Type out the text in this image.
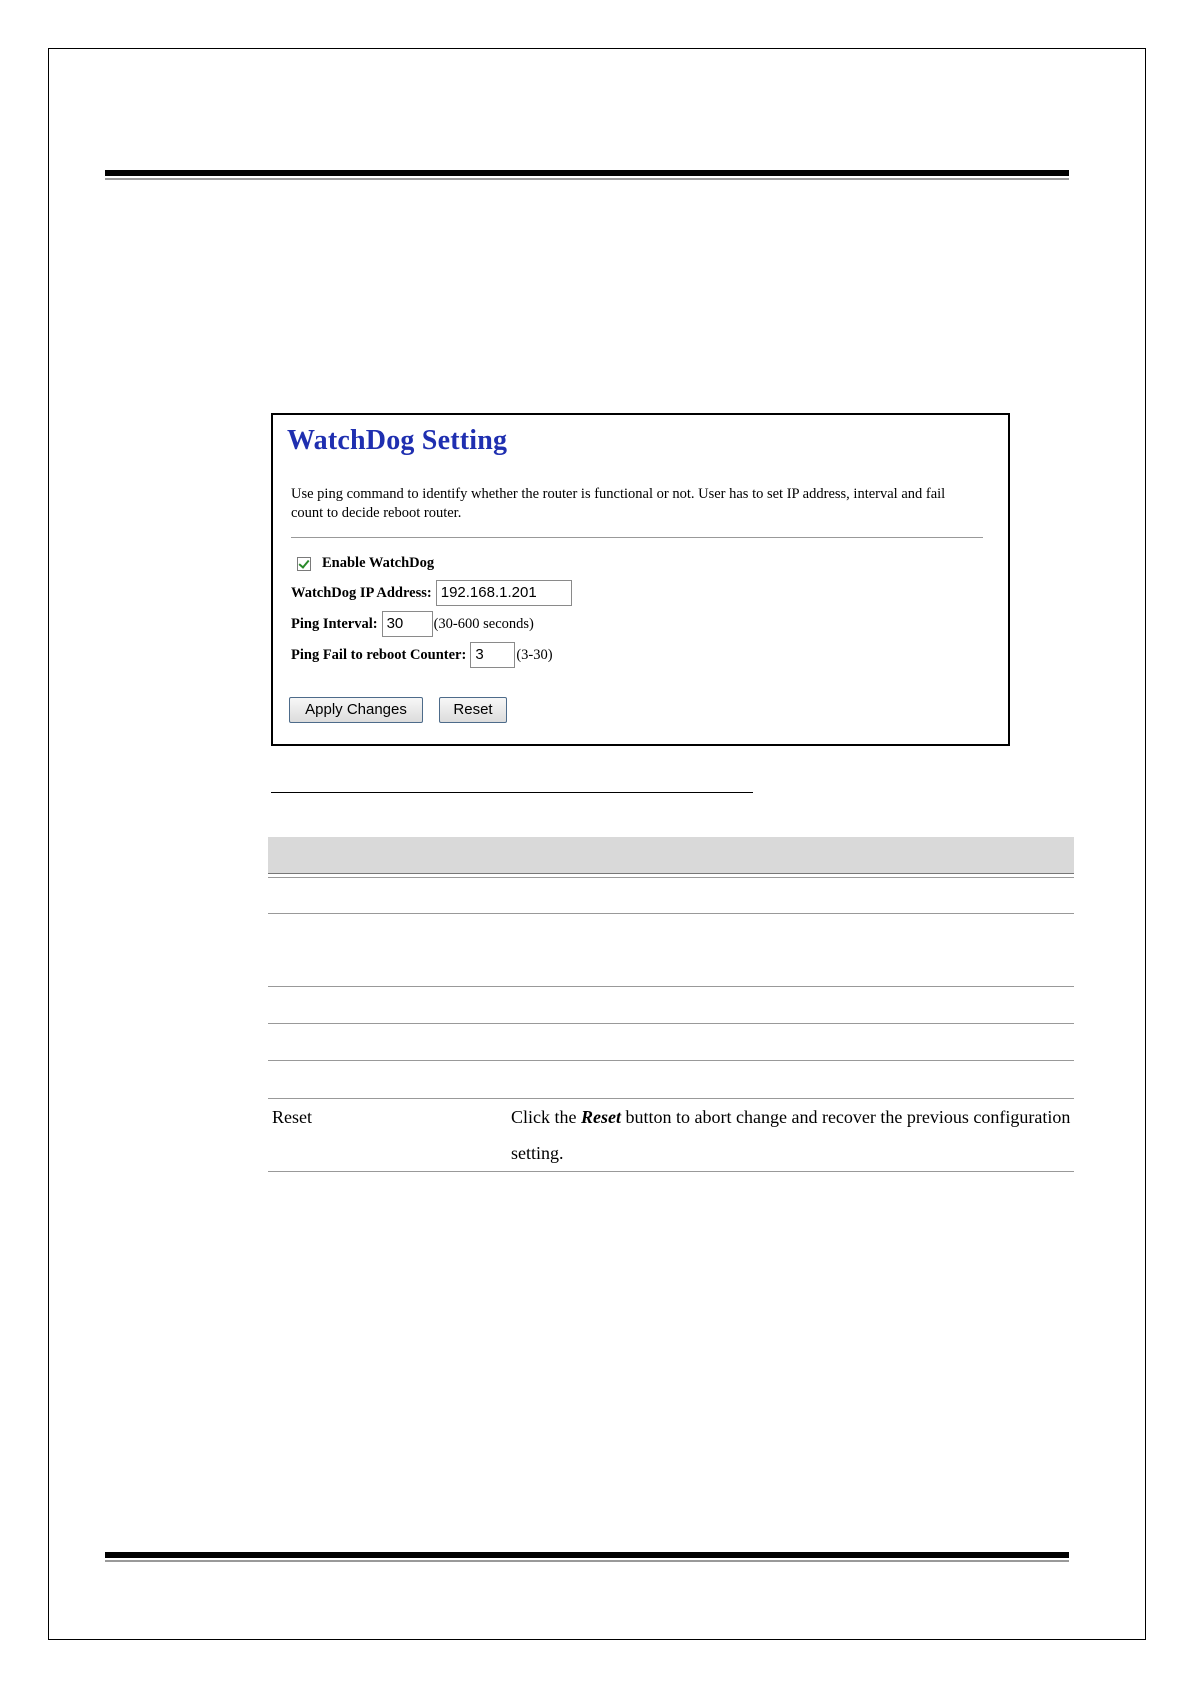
WatchDog Setting
Use ping command to identify whether the router is functional or not. User has to set IP address, interval and fail count to decide reboot router.
Enable WatchDog
WatchDog IP Address: 192.168.1.201
Ping Interval: 30	(30-600 seconds)
Ping Fail to reboot Counter: 3	(3-30)
Apply Changes	Reset
Reset	Click the Reset button to abort change and recover the previous configuration setting.
